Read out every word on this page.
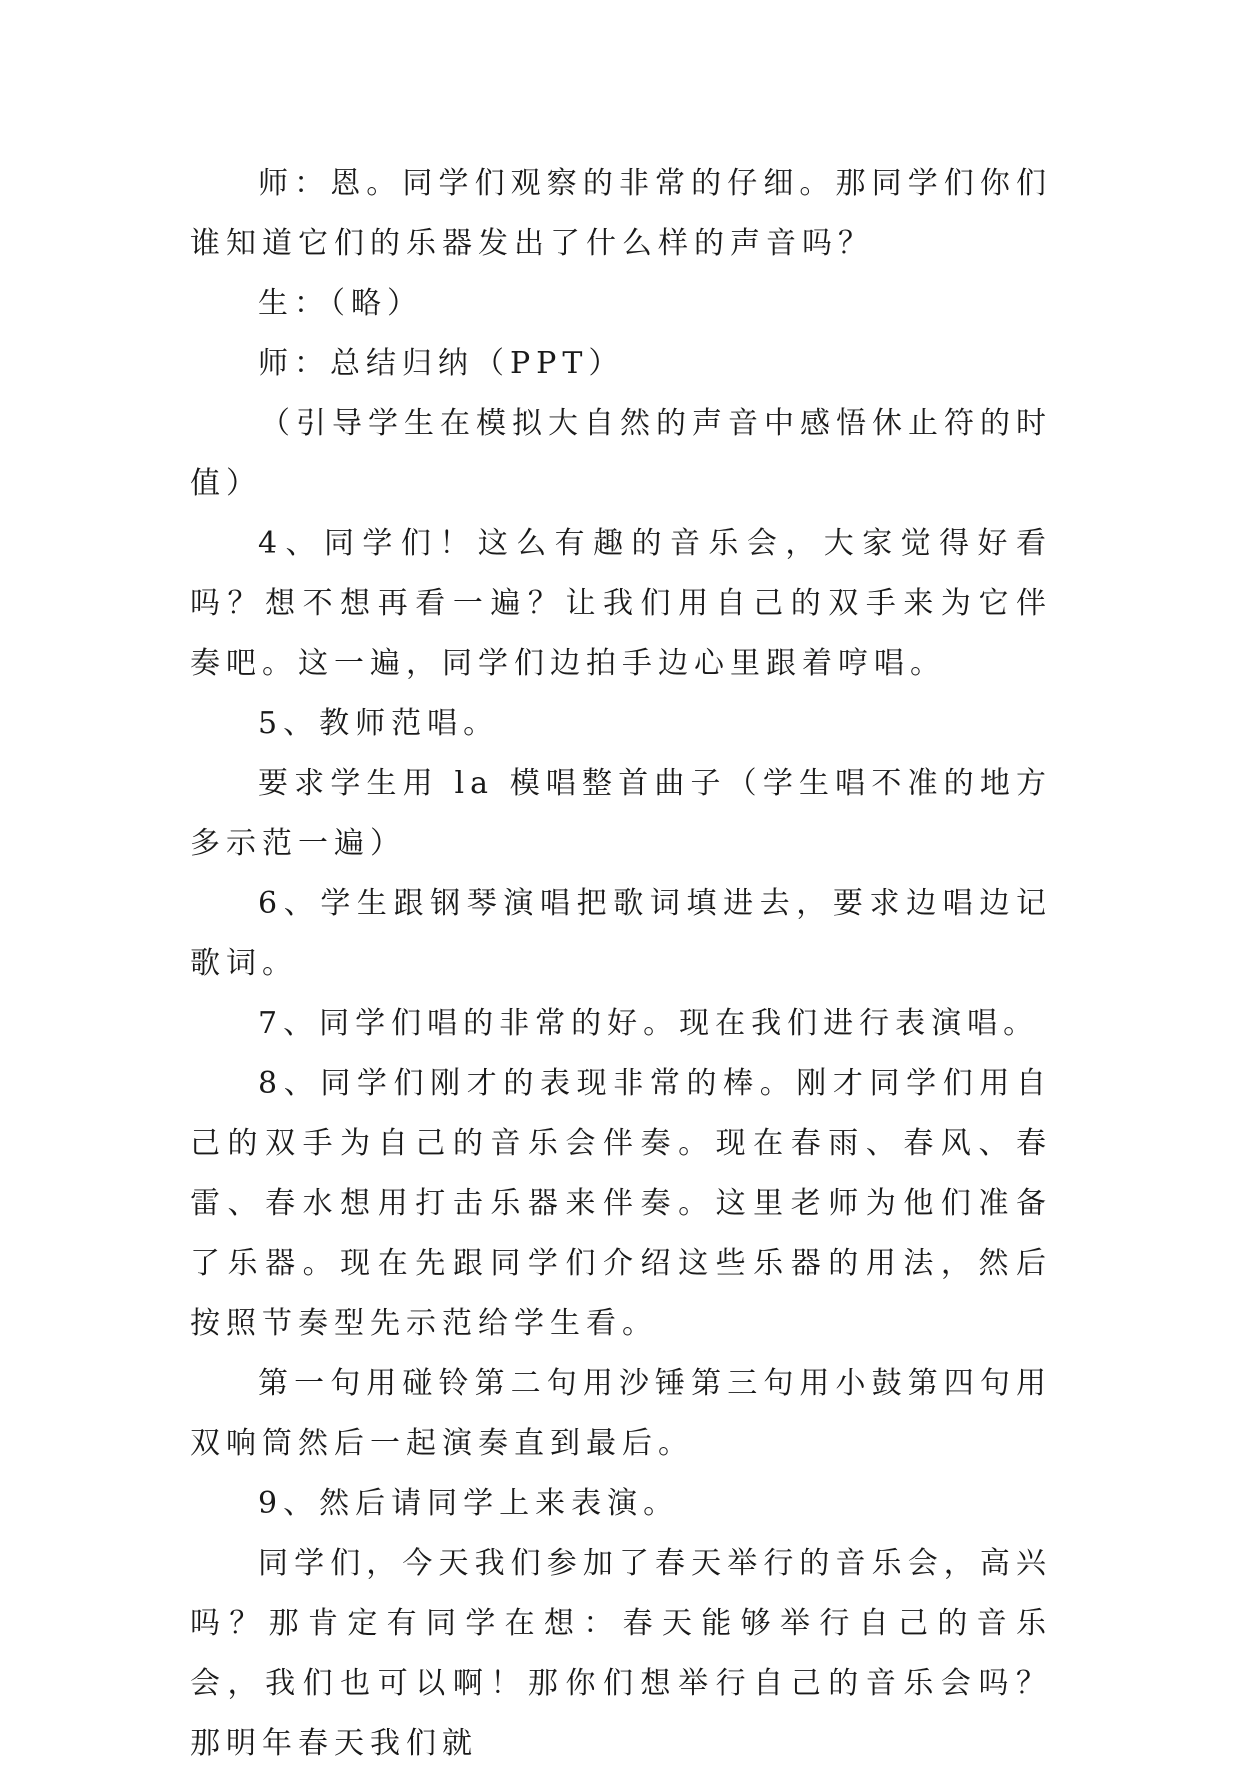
师：恩。同学们观察的非常的仔细。那同学们你们谁知道它们的乐器发出了什么样的声音吗？

生：（略）

师：总结归纳（PPT）

（引导学生在模拟大自然的声音中感悟休止符的时值）

4、同学们！这么有趣的音乐会，大家觉得好看吗？想不想再看一遍？让我们用自己的双手来为它伴奏吧。这一遍，同学们边拍手边心里跟着哼唱。

5、教师范唱。

要求学生用 la 模唱整首曲子（学生唱不准的地方多示范一遍）

6、学生跟钢琴演唱把歌词填进去，要求边唱边记歌词。

7、同学们唱的非常的好。现在我们进行表演唱。

8、同学们刚才的表现非常的棒。刚才同学们用自己的双手为自己的音乐会伴奏。现在春雨、春风、春雷、春水想用打击乐器来伴奏。这里老师为他们准备了乐器。现在先跟同学们介绍这些乐器的用法，然后按照节奏型先示范给学生看。

第一句用碰铃第二句用沙锤第三句用小鼓第四句用双响筒然后一起演奏直到最后。

9、然后请同学上来表演。

同学们，今天我们参加了春天举行的音乐会，高兴吗？那肯定有同学在想：春天能够举行自己的音乐会，我们也可以啊！那你们想举行自己的音乐会吗？那明年春天我们就
